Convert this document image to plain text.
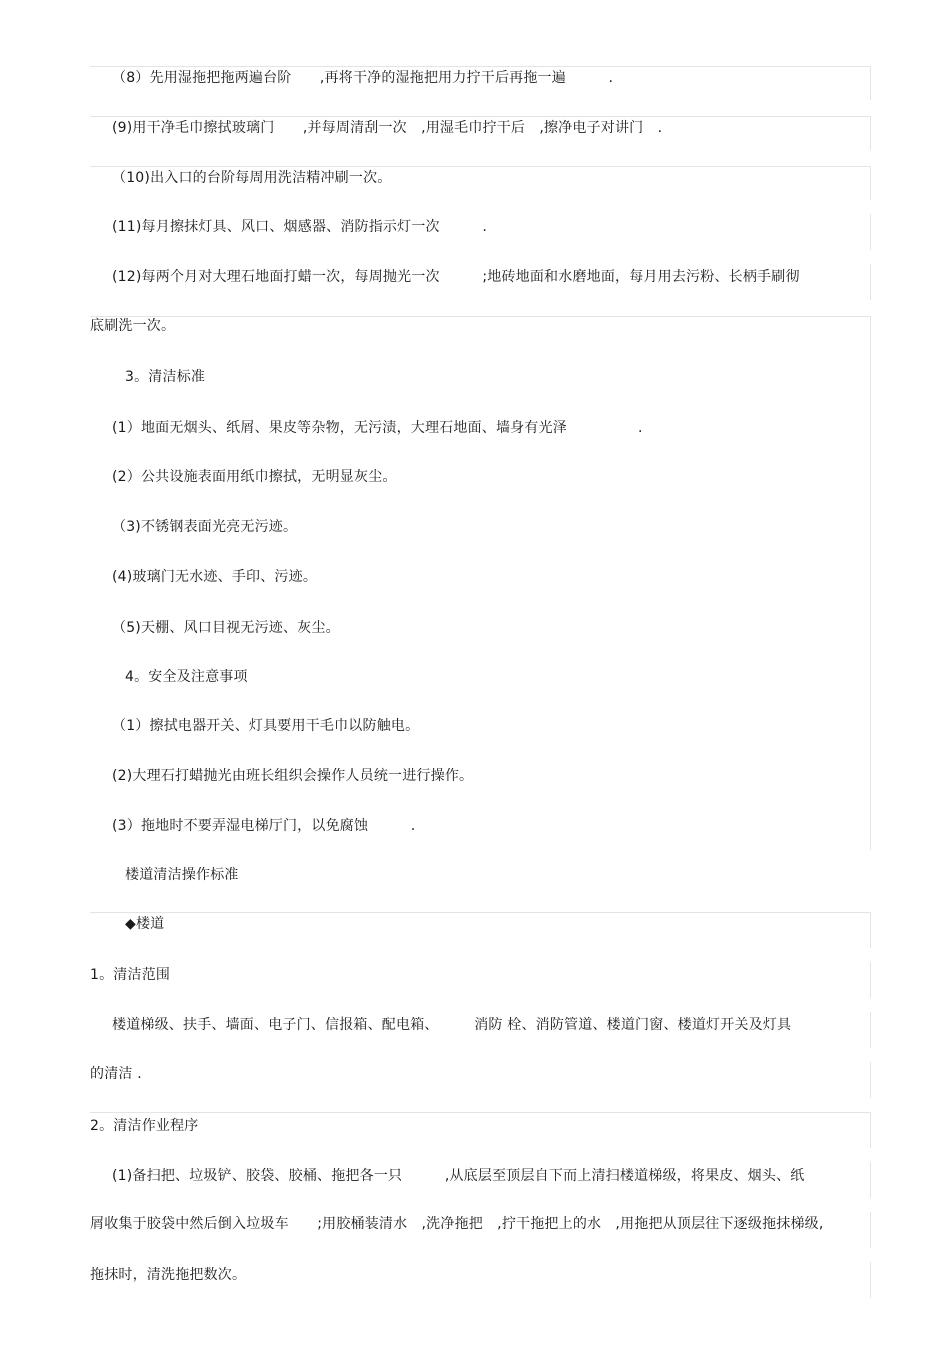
（8）先用湿拖把拖两遍台阶　　,再将干净的湿拖把用力拧干后再拖一遍　　　.
(9)用干净毛巾擦拭玻璃门　　,并每周清刮一次　,用湿毛巾拧干后　,擦净电子对讲门　.
（10)出入口的台阶每周用洗洁精冲刷一次。
(11)每月擦抹灯具、风口、烟感器、消防指示灯一次　　　.
(12)每两个月对大理石地面打蜡一次，每周抛光一次　　　;地砖地面和水磨地面，每月用去污粉、长柄手刷彻
底刷洗一次。
3。清洁标准
(1）地面无烟头、纸屑、果皮等杂物，无污渍，大理石地面、墙身有光泽　　　　　.
(2）公共设施表面用纸巾擦拭，无明显灰尘。
（3)不锈钢表面光亮无污迹。
(4)玻璃门无水迹、手印、污迹。
（5)天棚、风口目视无污迹、灰尘。
4。安全及注意事项
（1）擦拭电器开关、灯具要用干毛巾以防触电。
(2)大理石打蜡抛光由班长组织会操作人员统一进行操作。
(3）拖地时不要弄湿电梯厅门，以免腐蚀　　　.
楼道清洁操作标准
◆楼道
1。清洁范围
楼道梯级、扶手、墙面、电子门、信报箱、配电箱、　　　消防 栓、消防管道、楼道门窗、楼道灯开关及灯具
的清洁 .
2。清洁作业程序
(1)备扫把、垃圾铲、胶袋、胶桶、拖把各一只　　　,从底层至顶层自下而上清扫楼道梯级，将果皮、烟头、纸
屑收集于胶袋中然后倒入垃圾车　　;用胶桶装清水　,洗净拖把　,拧干拖把上的水　,用拖把从顶层往下逐级拖抹梯级,
拖抹时，清洗拖把数次。
